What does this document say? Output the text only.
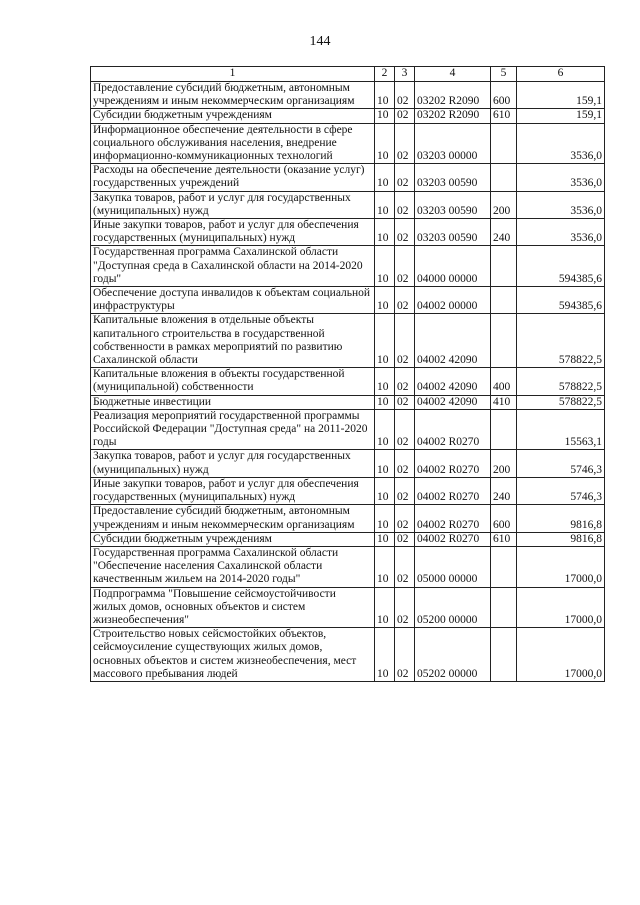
144
1	2	3	4	5	6
Предоставление субсидий бюджетным, автономным учреждениям и иным некоммерческим организациям	10	02	03202 R2090	600	159,1
Субсидии бюджетным учреждениям	10	02	03202 R2090	610	159,1
Информационное обеспечение деятельности в сфере социального обслуживания населения, внедрение информационно-коммуникационных технологий	10	02	03203 00000		3536,0
Расходы на обеспечение деятельности (оказание услуг) государственных учреждений	10	02	03203 00590		3536,0
Закупка товаров, работ и услуг для государственных (муниципальных) нужд	10	02	03203 00590	200	3536,0
Иные закупки товаров, работ и услуг для обеспечения государственных (муниципальных) нужд	10	02	03203 00590	240	3536,0
Государственная программа Сахалинской области "Доступная среда в Сахалинской области на 2014-2020 годы"	10	02	04000 00000		594385,6
Обеспечение доступа инвалидов к объектам социальной инфраструктуры	10	02	04002 00000		594385,6
Капитальные вложения в отдельные объекты капитального строительства в государственной собственности в рамках мероприятий по развитию Сахалинской области	10	02	04002 42090		578822,5
Капитальные вложения в объекты государственной (муниципальной) собственности	10	02	04002 42090	400	578822,5
Бюджетные инвестиции	10	02	04002 42090	410	578822,5
Реализация мероприятий государственной программы Российской Федерации "Доступная среда" на 2011-2020 годы	10	02	04002 R0270		15563,1
Закупка товаров, работ и услуг для государственных (муниципальных) нужд	10	02	04002 R0270	200	5746,3
Иные закупки товаров, работ и услуг для обеспечения государственных (муниципальных) нужд	10	02	04002 R0270	240	5746,3
Предоставление субсидий бюджетным, автономным учреждениям и иным некоммерческим организациям	10	02	04002 R0270	600	9816,8
Субсидии бюджетным учреждениям	10	02	04002 R0270	610	9816,8
Государственная программа Сахалинской области "Обеспечение населения Сахалинской области качественным жильем на 2014-2020 годы"	10	02	05000 00000		17000,0
Подпрограмма "Повышение сейсмоустойчивости жилых домов, основных объектов и систем жизнеобеспечения"	10	02	05200 00000		17000,0
Строительство новых сейсмостойких объектов, сейсмоусиление существующих жилых домов, основных объектов и систем жизнеобеспечения, мест массового пребывания людей	10	02	05202 00000		17000,0
